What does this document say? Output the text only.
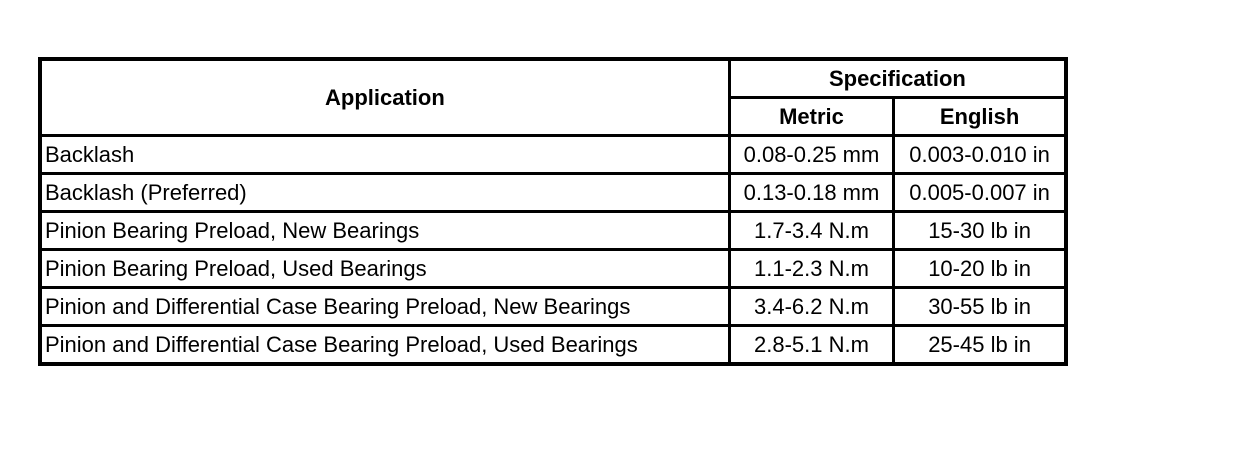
Application	Specification	
	Metric	English
Backlash	0.08-0.25 mm	0.003-0.010 in
Backlash (Preferred)	0.13-0.18 mm	0.005-0.007 in
Pinion Bearing Preload, New Bearings	1.7-3.4 N.m	15-30 lb in
Pinion Bearing Preload, Used Bearings	1.1-2.3 N.m	10-20 lb in
Pinion and Differential Case Bearing Preload, New Bearings	3.4-6.2 N.m	30-55 lb in
Pinion and Differential Case Bearing Preload, Used Bearings	2.8-5.1 N.m	25-45 lb in
